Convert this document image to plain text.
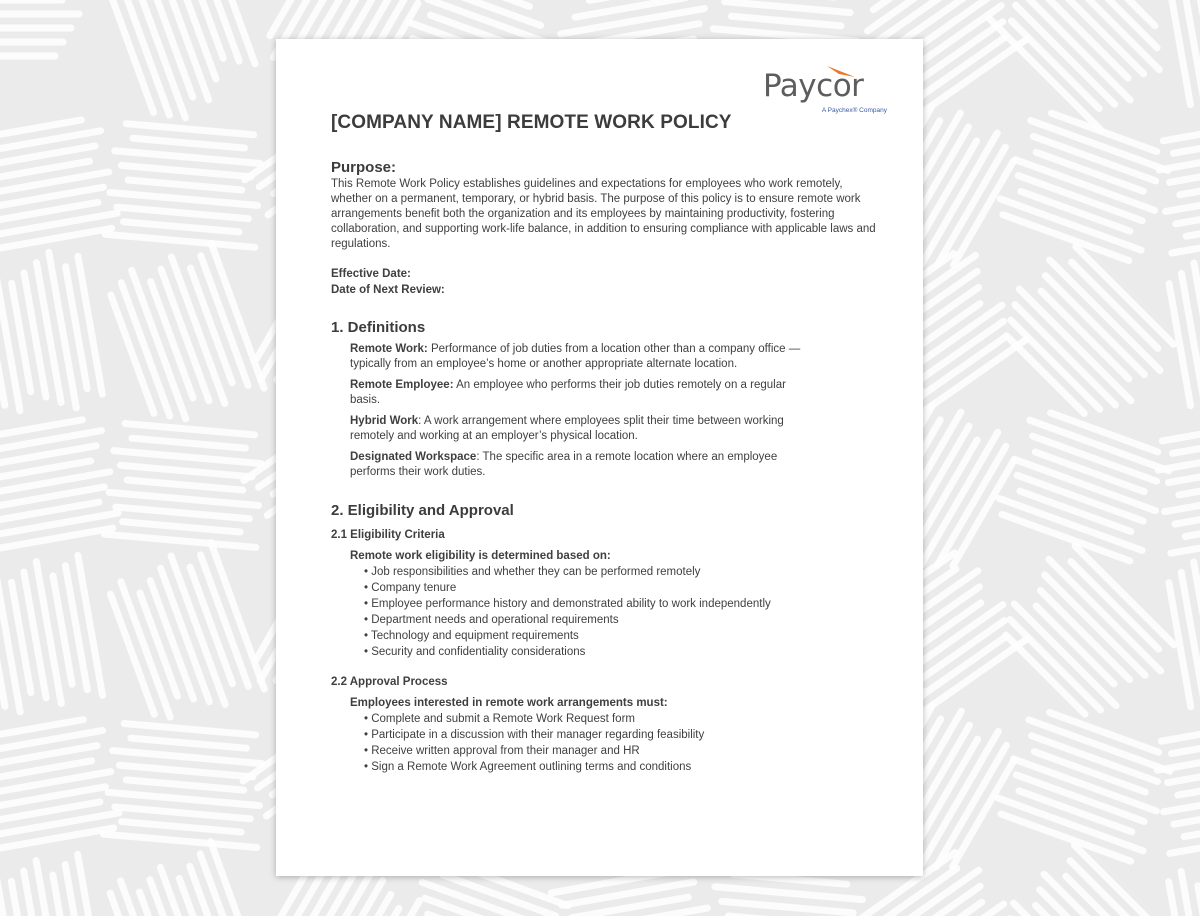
Paycor
A Paychex® Company
[COMPANY NAME] REMOTE WORK POLICY
Purpose:

This Remote Work Policy establishes guidelines and expectations for employees who work remotely, whether on a permanent, temporary, or hybrid basis. The purpose of this policy is to ensure remote work arrangements benefit both the organization and its employees by maintaining productivity, fostering collaboration, and supporting work-life balance, in addition to ensuring compliance with applicable laws and regulations.

Effective Date:
Date of Next Review:
1. Definitions
Remote Work: Performance of job duties from a location other than a company office — typically from an employee’s home or another appropriate alternate location.
Remote Employee: An employee who performs their job duties remotely on a regular basis.
Hybrid Work: A work arrangement where employees split their time between working remotely and working at an employer’s physical location.
Designated Workspace: The specific area in a remote location where an employee performs their work duties.
2. Eligibility and Approval
2.1 Eligibility Criteria
Remote work eligibility is determined based on:
• Job responsibilities and whether they can be performed remotely
• Company tenure
• Employee performance history and demonstrated ability to work independently
• Department needs and operational requirements
• Technology and equipment requirements
• Security and confidentiality considerations
2.2 Approval Process
Employees interested in remote work arrangements must:
• Complete and submit a Remote Work Request form
• Participate in a discussion with their manager regarding feasibility
• Receive written approval from their manager and HR
• Sign a Remote Work Agreement outlining terms and conditions
